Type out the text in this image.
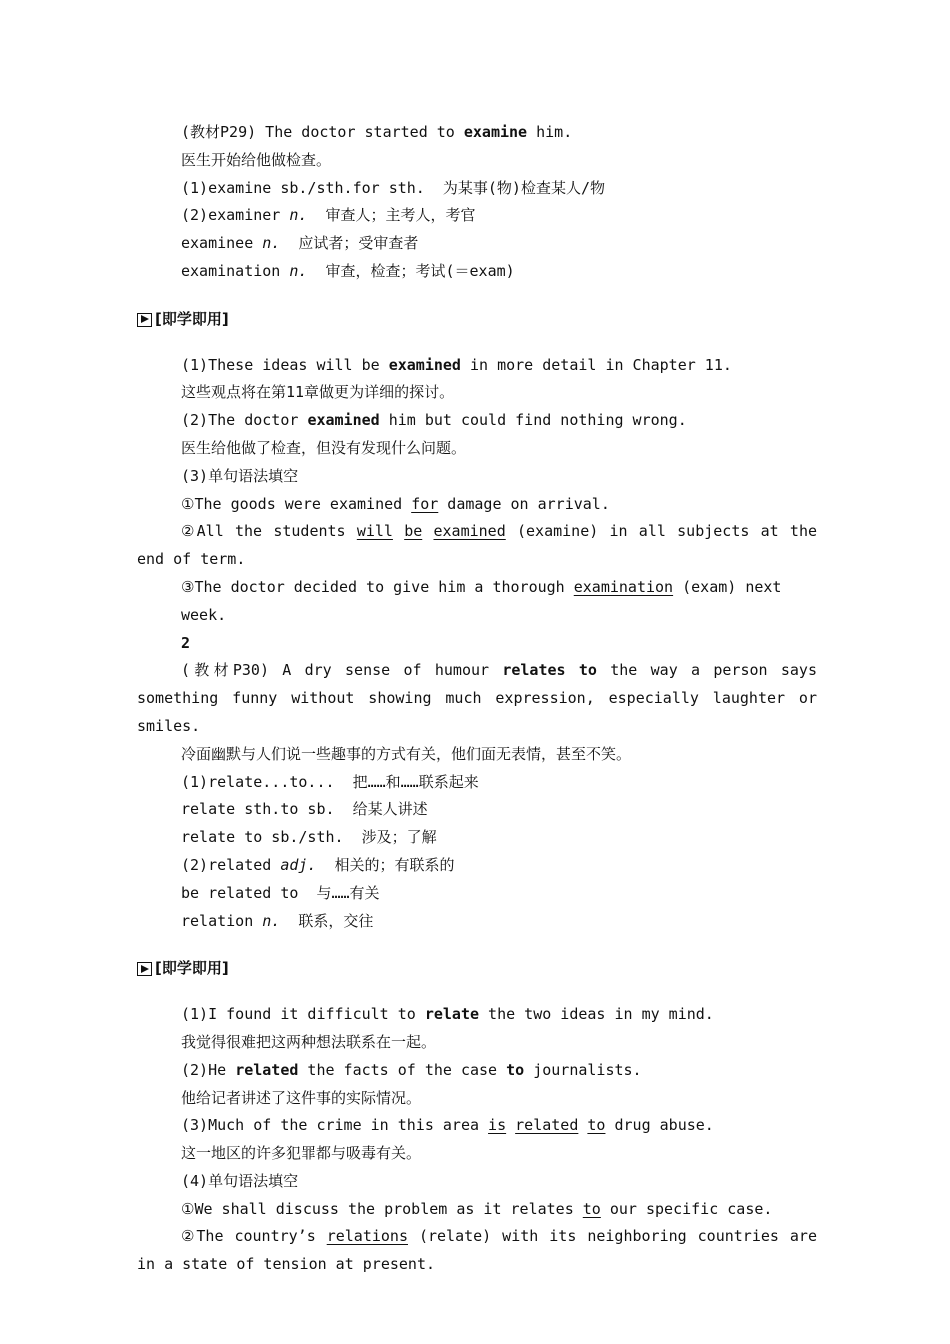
(教材P29) The doctor started to examine him.
医生开始给他做检查。
(1)examine sb./sth.for sth.  为某事(物)检查某人/物
(2)examiner n.  审查人；主考人，考官
examinee n.  应试者；受审查者
examination n.  审查，检查；考试(＝exam)
[即学即用]
(1)These ideas will be examined in more detail in Chapter 11.
这些观点将在第11章做更为详细的探讨。
(2)The doctor examined him but could find nothing wrong.
医生给他做了检查，但没有发现什么问题。
(3)单句语法填空
①The goods were examined for damage on arrival.
②All the students will be examined (examine) in all subjects at the end of term.
③The doctor decided to give him a thorough examination (exam) next week.
2
(教材P30) A dry sense of humour relates to the way a person says something funny without showing much expression, especially laughter or smiles.
冷面幽默与人们说一些趣事的方式有关，他们面无表情，甚至不笑。
(1)relate...to...  把……和……联系起来
relate sth.to sb.  给某人讲述
relate to sb./sth.  涉及；了解
(2)related adj.  相关的；有联系的
be related to  与……有关
relation n.  联系，交往
[即学即用]
(1)I found it difficult to relate the two ideas in my mind.
我觉得很难把这两种想法联系在一起。
(2)He related the facts of the case to journalists.
他给记者讲述了这件事的实际情况。
(3)Much of the crime in this area is related to drug abuse.
这一地区的许多犯罪都与吸毒有关。
(4)单句语法填空
①We shall discuss the problem as it relates to our specific case.
②The country’s relations (relate) with its neighboring countries are in a state of tension at present.
